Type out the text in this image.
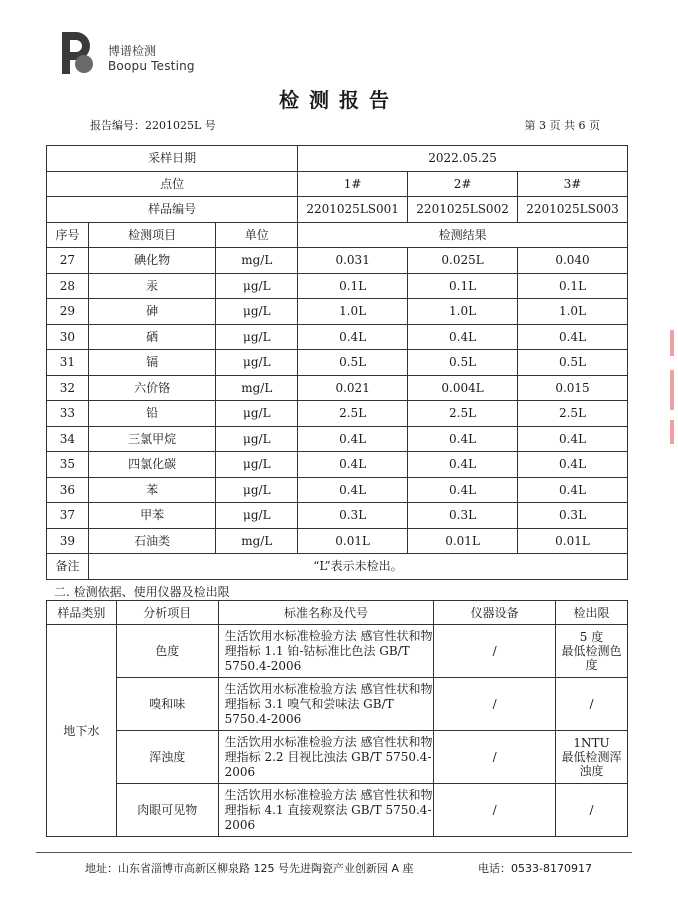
博谱检测
Boopu Testing
检测报告
报告编号：2201025L 号	第 3 页 共 6 页
采样日期			2022.05.25		
点位			1#	2#	3#
样品编号			2201025LS001	2201025LS002	2201025LS003
序号	检测项目	单位	检测结果		
27	碘化物	mg/L	0.031	0.025L	0.040
28	汞	μg/L	0.1L	0.1L	0.1L
29	砷	μg/L	1.0L	1.0L	1.0L
30	硒	μg/L	0.4L	0.4L	0.4L
31	镉	μg/L	0.5L	0.5L	0.5L
32	六价铬	mg/L	0.021	0.004L	0.015
33	铅	μg/L	2.5L	2.5L	2.5L
34	三氯甲烷	μg/L	0.4L	0.4L	0.4L
35	四氯化碳	μg/L	0.4L	0.4L	0.4L
36	苯	μg/L	0.4L	0.4L	0.4L
37	甲苯	μg/L	0.3L	0.3L	0.3L
39	石油类	mg/L	0.01L	0.01L	0.01L
备注	“L”表示未检出。				
二. 检测依据、使用仪器及检出限
样品类别	分析项目	标准名称及代号	仪器设备	检出限
地下水	色度	生活饮用水标准检验方法 感官性状和物理指标 1.1 铂-钴标准比色法 GB/T 5750.4-2006	/	5 度
最低检测色度
	嗅和味	生活饮用水标准检验方法 感官性状和物理指标 3.1 嗅气和尝味法 GB/T 5750.4-2006	/	/
	浑浊度	生活饮用水标准检验方法 感官性状和物理指标 2.2 目视比浊法 GB/T 5750.4-2006	/	1NTU
最低检测浑浊度
	肉眼可见物	生活饮用水标准检验方法 感官性状和物理指标 4.1 直接观察法 GB/T 5750.4-2006	/	/
地址：山东省淄博市高新区柳泉路 125 号先进陶瓷产业创新园 A 座	电话：0533-8170917
